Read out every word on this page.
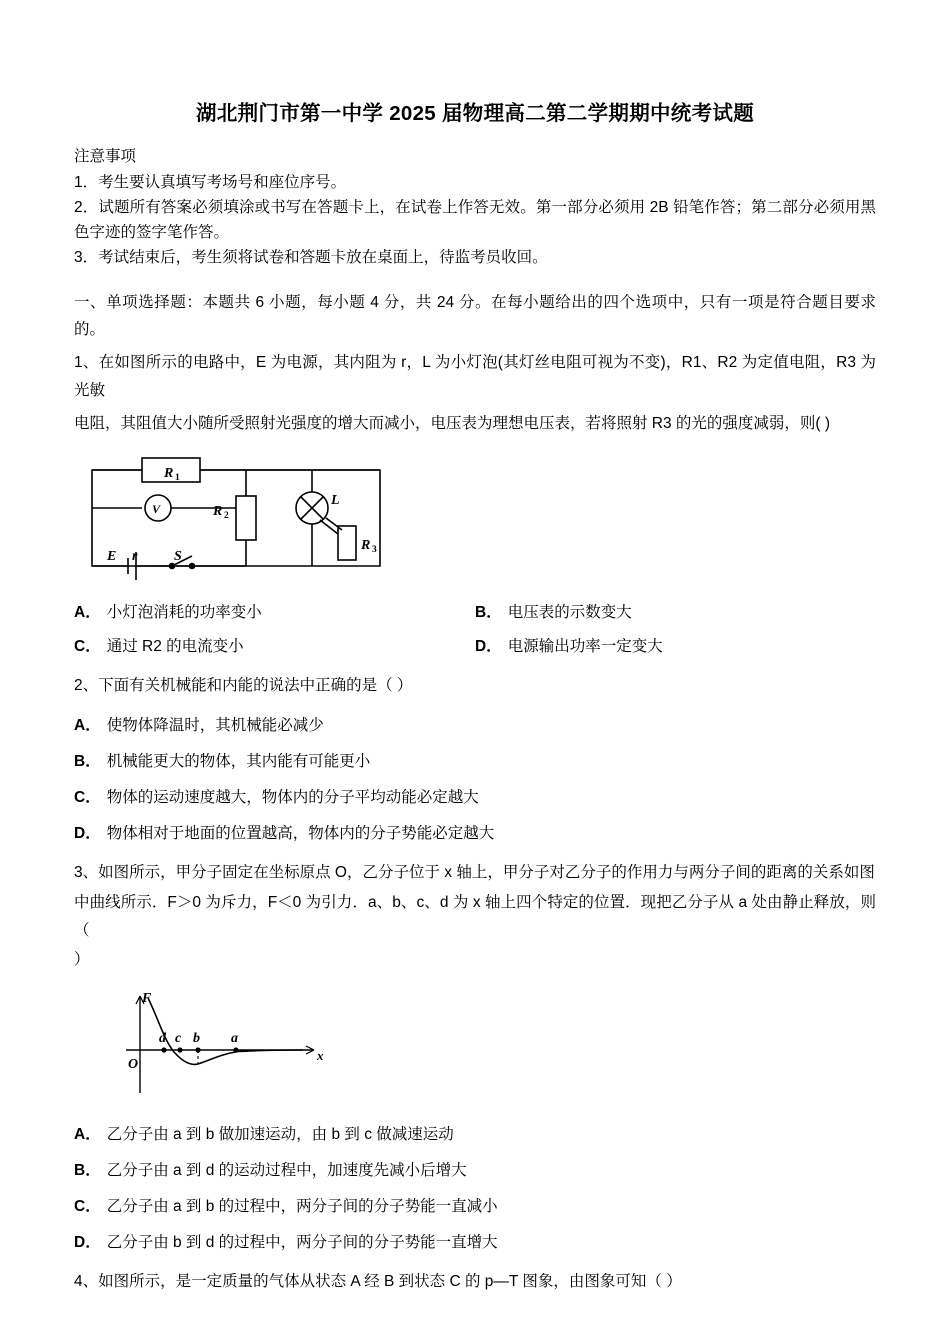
湖北荆门市第一中学 2025 届物理高二第二学期期中统考试题
注意事项

1．考生要认真填写考场号和座位序号。

2．试题所有答案必须填涂或书写在答题卡上，在试卷上作答无效。第一部分必须用 2B 铅笔作答；第二部分必须用黑色字迹的签字笔作答。

3．考试结束后，考生须将试卷和答题卡放在桌面上，待监考员收回。

一、单项选择题：本题共 6 小题，每小题 4 分，共 24 分。在每小题给出的四个选项中，只有一项是符合题目要求的。

1、在如图所示的电路中，E 为电源，其内阻为 r，L 为小灯泡(其灯丝电阻可视为不变)，R1、R2 为定值电阻，R3 为光敏

电阻，其阻值大小随所受照射光强度的增大而减小，电压表为理想电压表，若将照射 R3 的光的强度减弱，则( )

R 1
V	R 2
L
R 3
E r	S
A． 小灯泡消耗的功率变小	B． 电压表的示数变大
C． 通过 R2 的电流变小	D． 电源输出功率一定变大

2、下面有关机械能和内能的说法中正确的是（ ）

A． 使物体降温时，其机械能必减少
B． 机械能更大的物体，其内能有可能更小
C． 物体的运动速度越大，物体内的分子平均动能必定越大
D． 物体相对于地面的位置越高，物体内的分子势能必定越大

3、如图所示，甲分子固定在坐标原点 O，乙分子位于 x 轴上，甲分子对乙分子的作用力与两分子间的距离的关系如图

中曲线所示．F＞0 为斥力，F＜0 为引力．a、b、c、d 为 x 轴上四个特定的位置．现把乙分子从 a 处由静止释放，则（

）

F
x
O
d c b a
A． 乙分子由 a 到 b 做加速运动，由 b 到 c 做减速运动
B． 乙分子由 a 到 d 的运动过程中，加速度先减小后增大
C． 乙分子由 a 到 b 的过程中，两分子间的分子势能一直减小
D． 乙分子由 b 到 d 的过程中，两分子间的分子势能一直增大

4、如图所示，是一定质量的气体从状态 A 经 B 到状态 C 的 p—T 图象，由图象可知（ ）
